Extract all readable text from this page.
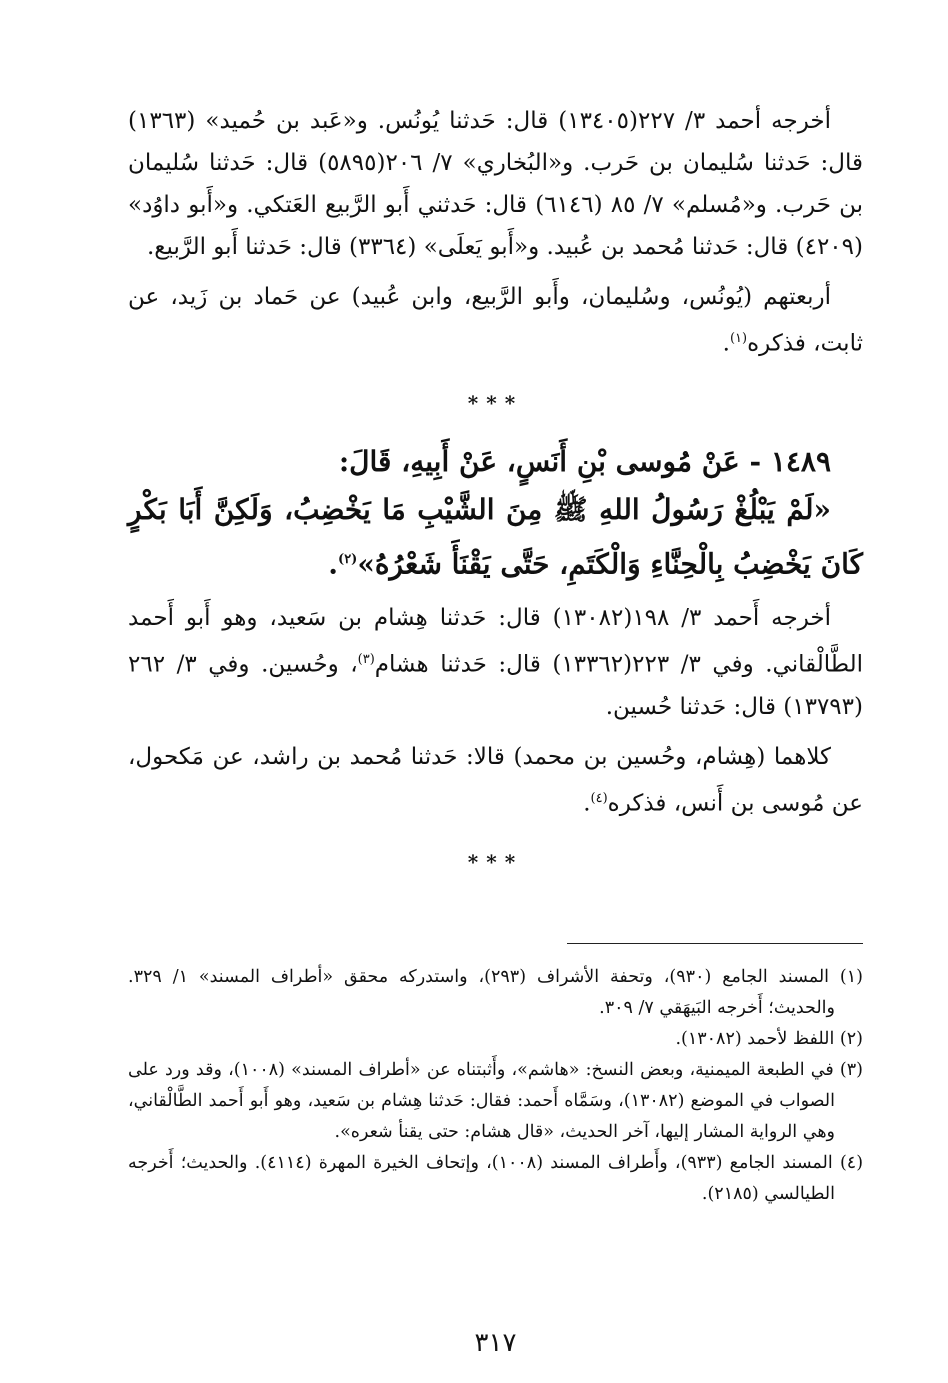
أخرجه أحمد ٣/ ٢٢٧(١٣٤٠٥) قال: حَدثنا يُونُس. و«عَبد بن حُميد» (١٣٦٣) قال: حَدثنا سُليمان بن حَرب. و«البُخاري» ٧/ ٢٠٦(٥٨٩٥) قال: حَدثنا سُليمان بن حَرب. و«مُسلم» ٧/ ٨٥ (٦١٤٦) قال: حَدثني أَبو الرَّبيع العَتكي. و«أَبو داوُد» (٤٢٠٩) قال: حَدثنا مُحمد بن عُبيد. و«أَبو يَعلَى» (٣٣٦٤) قال: حَدثنا أَبو الرَّبيع.

أربعتهم (يُونُس، وسُليمان، وأَبو الرَّبيع، وابن عُبيد) عن حَماد بن زَيد، عن ثابت، فذكره$^{(١)}$.

***

١٤٨٩ - عَنْ مُوسى بْنِ أَنَسٍ، عَنْ أَبِيهِ، قَالَ:

«لَمْ يَبْلُغْ رَسُولُ اللهِ ﷺ مِنَ الشَّيْبِ مَا يَخْضِبُ، وَلَكِنَّ أَبَا بَكْرٍ كَانَ يَخْضِبُ بِالْحِنَّاءِ وَالْكَتَمِ، حَتَّى يَقْنَأَ شَعْرُهُ»$^{(٢)}$.

أخرجه أَحمد ٣/ ١٩٨(١٣٠٨٢) قال: حَدثنا هِشام بن سَعيد، وهو أَبو أَحمد الطَّالْقاني. وفي ٣/ ٢٢٣(١٣٣٦٢) قال: حَدثنا هشام$^{(٣)}$، وحُسين. وفي ٣/ ٢٦٢ (١٣٧٩٣) قال: حَدثنا حُسين.

كلاهما (هِشام، وحُسين بن محمد) قالا: حَدثنا مُحمد بن راشد، عن مَكحول، عن مُوسى بن أَنس، فذكره$^{(٤)}$.

***

(١) المسند الجامع (٩٣٠)، وتحفة الأشراف (٢٩٣)، واستدركه محقق «أطراف المسند» ١/ ٣٢٩. والحديث؛ أَخرجه البَيهَقي ٧/ ٣٠٩.

(٢) اللفظ لأحمد (١٣٠٨٢).

(٣) في الطبعة الميمنية، وبعض النسخ: «هاشم»، وأَثبتناه عن «أطراف المسند» (١٠٠٨)، وقد ورد على الصواب في الموضع (١٣٠٨٢)، وسَمَّاه أَحمد: فقال: حَدثنا هِشام بن سَعيد، وهو أَبو أَحمد الطَّالْقاني، وهي الرواية المشار إليها، آخر الحديث، «قال هشام: حتى يقنأ شعره».

(٤) المسند الجامع (٩٣٣)، وأَطراف المسند (١٠٠٨)، وإتحاف الخيرة المهرة (٤١١٤). والحديث؛ أَخرجه الطيالسي (٢١٨٥).

٣١٧
